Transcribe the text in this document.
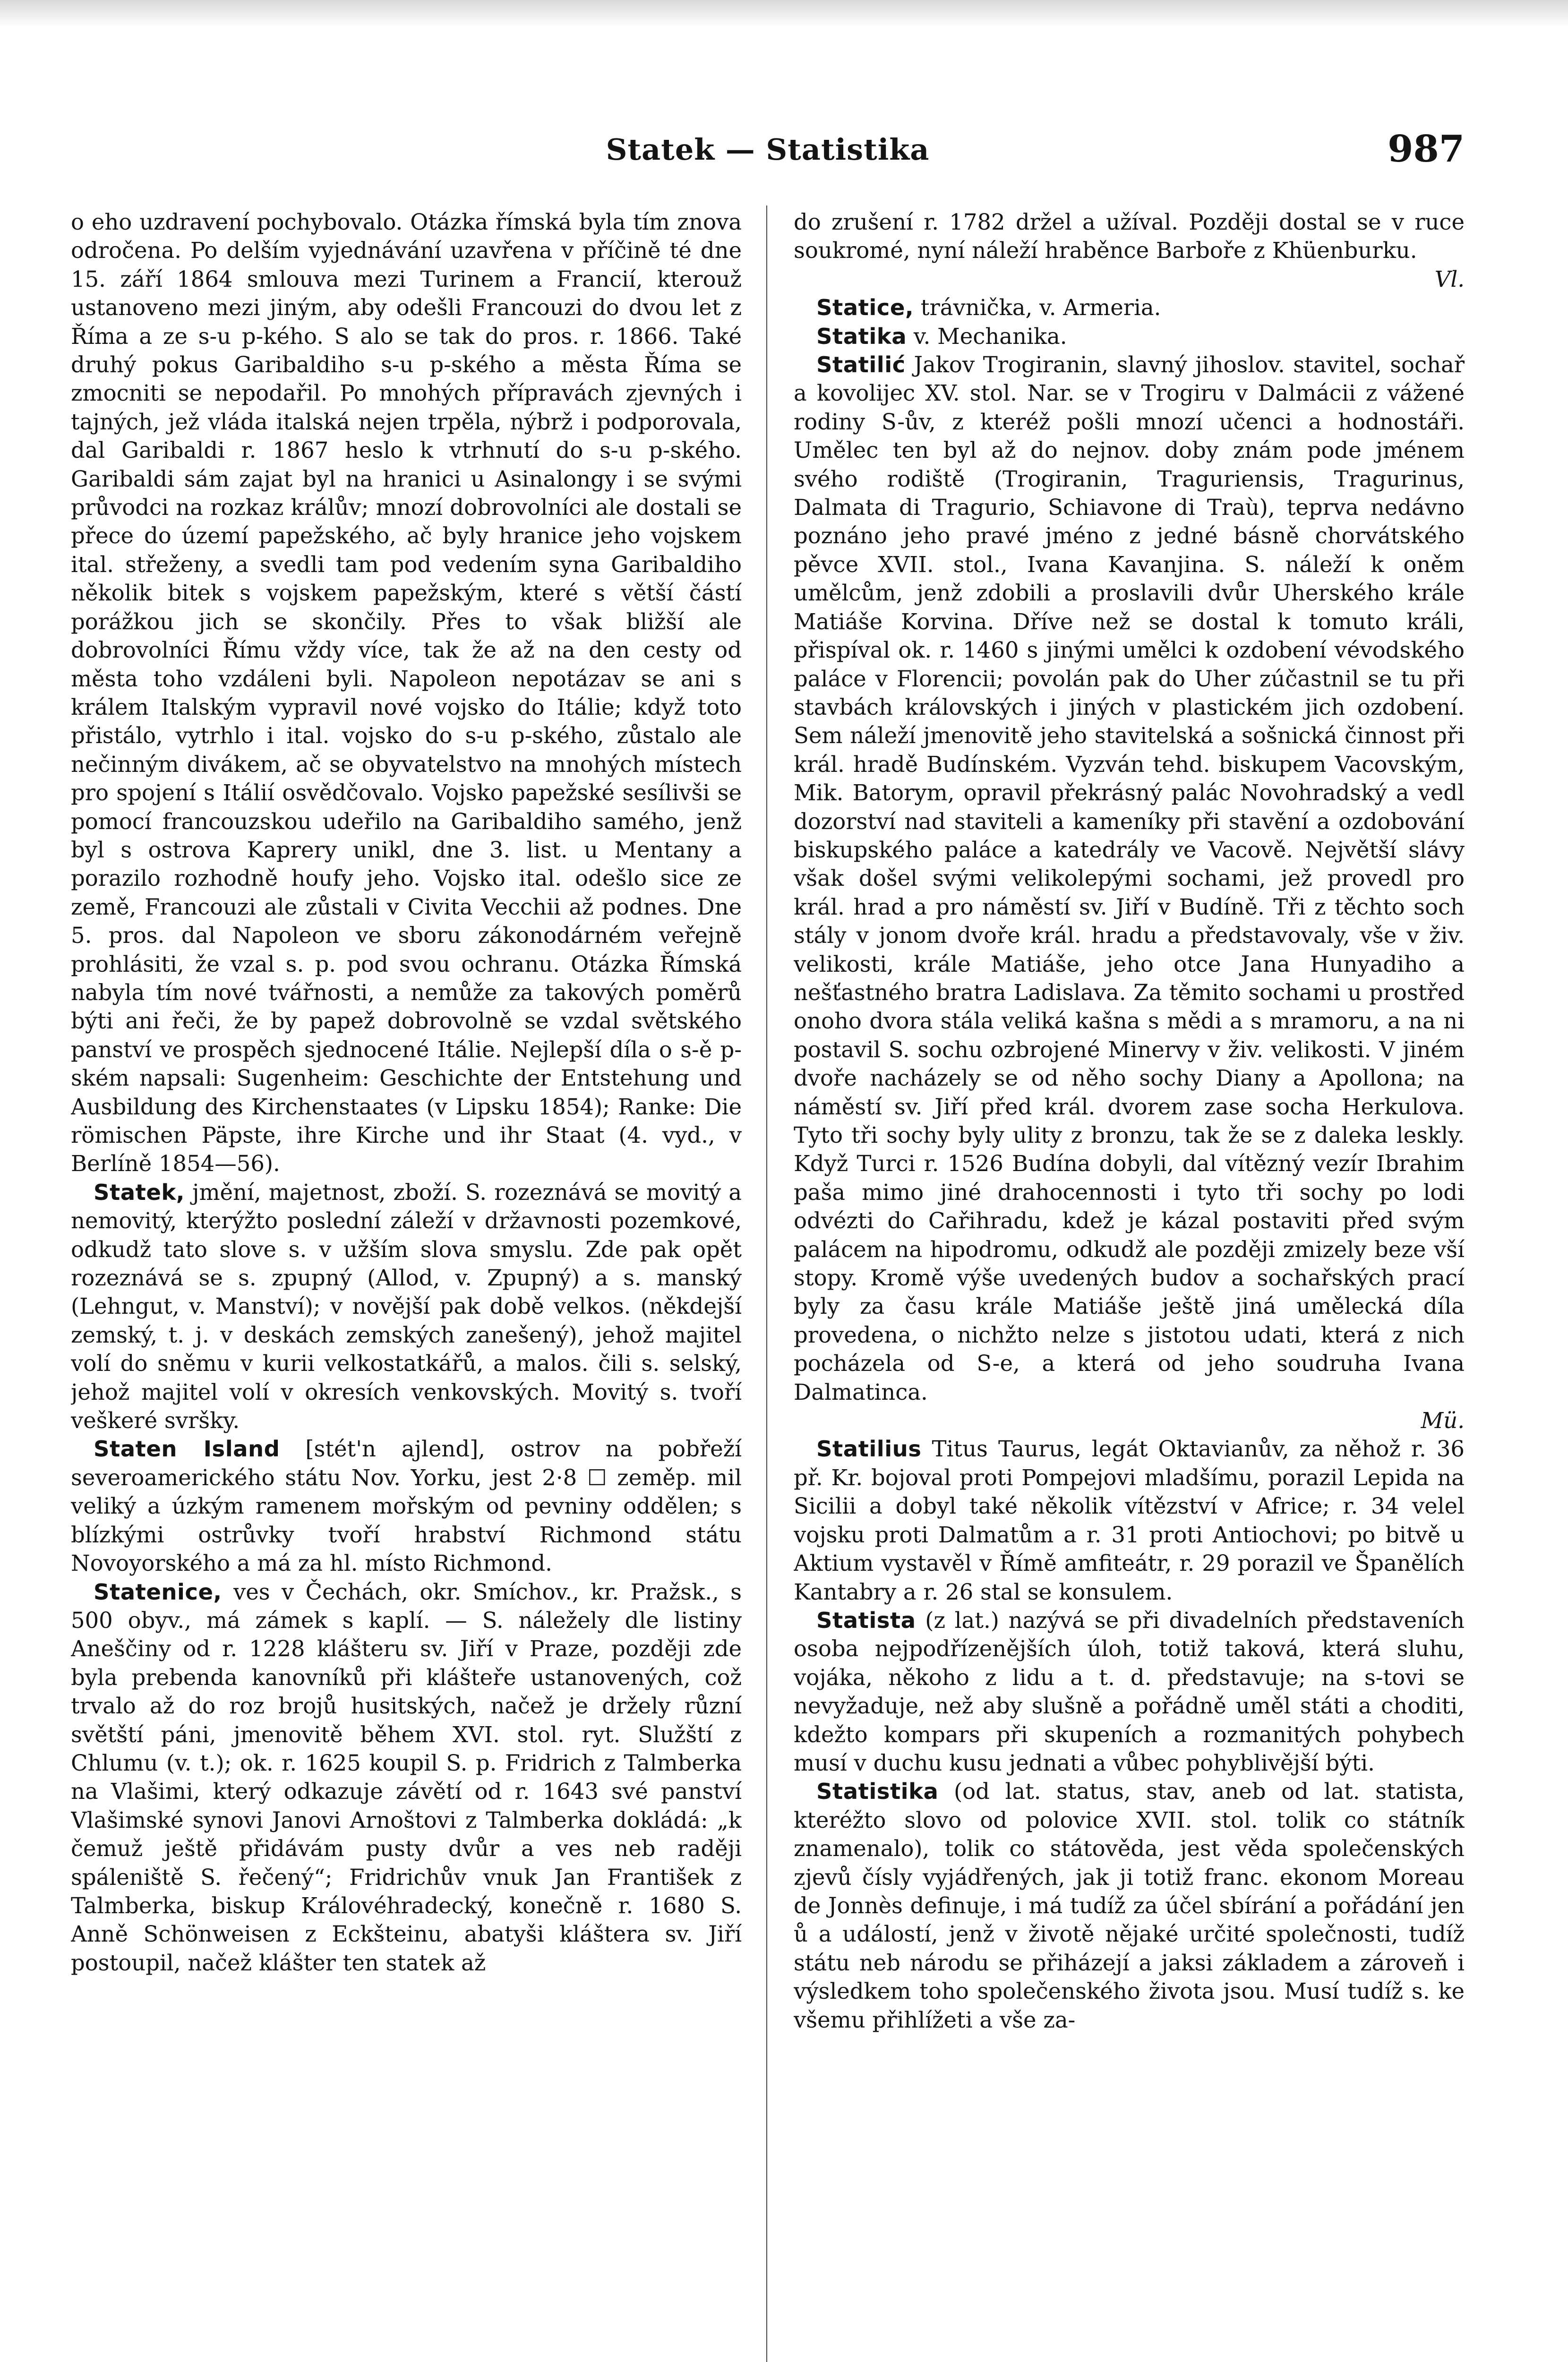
Statek — Statistika	987

o eho uzdravení pochybovalo. Otázka římská byla tím znova odročena. Po delším vyjednávání uzavřena v příčině té dne 15. září 1864 smlouva mezi Turinem a Francií, kterouž ustanoveno mezi jiným, aby odešli Francouzi do dvou let z Říma a ze s-u p-kého. S alo se tak do pros. r. 1866. Také druhý pokus Garibaldiho s-u p-ského a města Říma se zmocniti se nepodařil. Po mnohých přípravách zjevných i tajných, jež vláda italská nejen trpěla, nýbrž i podporovala, dal Garibaldi r. 1867 heslo k vtrhnutí do s-u p-ského. Garibaldi sám zajat byl na hranici u Asinalongy i se svými průvodci na rozkaz králův; mnozí dobrovolníci ale dostali se přece do území papežského, ač byly hranice jeho vojskem ital. střeženy, a svedli tam pod vedením syna Garibaldiho několik bitek s vojskem papežským, které s větší částí porážkou jich se skončily. Přes to však bližší ale dobrovolníci Římu vždy více, tak že až na den cesty od města toho vzdáleni byli. Napoleon nepotázav se ani s králem Italským vypravil nové vojsko do Itálie; když toto přistálo, vytrhlo i ital. vojsko do s-u p-ského, zůstalo ale nečinným divákem, ač se obyvatelstvo na mnohých místech pro spojení s Itálií osvědčovalo. Vojsko papežské sesílivši se pomocí francouzskou udeřilo na Garibaldiho samého, jenž byl s ostrova Kaprery unikl, dne 3. list. u Mentany a porazilo rozhodně houfy jeho. Vojsko ital. odešlo sice ze země, Francouzi ale zůstali v Civita Vecchii až podnes. Dne 5. pros. dal Napoleon ve sboru zákonodárném veřejně prohlásiti, že vzal s. p. pod svou ochranu. Otázka Římská nabyla tím nové tvářnosti, a nemůže za takových poměrů býti ani řeči, že by papež dobrovolně se vzdal světského panství ve prospěch sjednocené Itálie. Nejlepší díla o s-ě p-ském napsali: Sugenheim: Geschichte der Entstehung und Ausbildung des Kirchenstaates (v Lipsku 1854); Ranke: Die römischen Päpste, ihre Kirche und ihr Staat (4. vyd., v Berlíně 1854—56).

Statek, jmění, majetnost, zboží. S. rozeznává se movitý a nemovitý, kterýžto poslední záleží v državnosti pozemkové, odkudž tato slove s. v užším slova smyslu. Zde pak opět rozeznává se s. zpupný (Allod, v. Zpupný) a s. manský (Lehngut, v. Manství); v novější pak době velkos. (někdejší zemský, t. j. v deskách zemských zanešený), jehož majitel volí do sněmu v kurii velkostatkářů, a malos. čili s. selský, jehož majitel volí v okresích venkovských. Movitý s. tvoří veškeré svršky.

Staten Island [stét'n ajlend], ostrov na pobřeží severoamerického státu Nov. Yorku, jest 2·8 ☐ zeměp. mil veliký a úzkým ramenem mořským od pevniny oddělen; s blízkými ostrůvky tvoří hrabství Richmond státu Novoyorského a má za hl. místo Richmond.

Statenice, ves v Čechách, okr. Smíchov., kr. Pražsk., s 500 obyv., má zámek s kaplí. — S. náležely dle listiny Aneščiny od r. 1228 klášteru sv. Jiří v Praze, později zde byla prebenda kanovníků při klášteře ustanovených, což trvalo až do roz brojů husitských, načež je držely různí světští páni, jmenovitě během XVI. stol. ryt. Služští z Chlumu (v. t.); ok. r. 1625 koupil S. p. Fridrich z Talmberka na Vlašimi, který odkazuje závětí od r. 1643 své panství Vlašimské synovi Janovi Arnoštovi z Talmberka dokládá: „k čemuž ještě přidávám pusty dvůr a ves neb raději spáleniště S. řečený“; Fridrichův vnuk Jan František z Talmberka, biskup Královéhradecký, konečně r. 1680 S. Anně Schönweisen z Eckšteinu, abatyši kláštera sv. Jiří postoupil, načež klášter ten statek až

do zrušení r. 1782 držel a užíval. Později dostal se v ruce soukromé, nyní náleží hraběnce Barboře z Khüenburku.

Vl.

Statice, trávnička, v. Armeria.

Statika v. Mechanika.

Statilić Jakov Trogiranin, slavný jihoslov. stavitel, sochař a kovolijec XV. stol. Nar. se v Trogiru v Dalmácii z vážené rodiny S-ův, z kteréž pošli mnozí učenci a hodnostáři. Umělec ten byl až do nejnov. doby znám pode jménem svého rodiště (Trogiranin, Traguriensis, Tragurinus, Dalmata di Tragurio, Schiavone di Traù), teprva nedávno poznáno jeho pravé jméno z jedné básně chorvátského pěvce XVII. stol., Ivana Kavanjina. S. náleží k oněm umělcům, jenž zdobili a proslavili dvůr Uherského krále Matiáše Korvina. Dříve než se dostal k tomuto králi, přispíval ok. r. 1460 s jinými umělci k ozdobení vévodského paláce v Florencii; povolán pak do Uher zúčastnil se tu při stavbách královských i jiných v plastickém jich ozdobení. Sem náleží jmenovitě jeho stavitelská a sošnická činnost při král. hradě Budínském. Vyzván tehd. biskupem Vacovským, Mik. Batorym, opravil překrásný palác Novohradský a vedl dozorství nad staviteli a kameníky při stavění a ozdobování biskupského paláce a katedrály ve Vacově. Největší slávy však došel svými velikolepými sochami, jež provedl pro král. hrad a pro náměstí sv. Jiří v Budíně. Tři z těchto soch stály v jonom dvoře král. hradu a představovaly, vše v živ. velikosti, krále Matiáše, jeho otce Jana Hunyadiho a nešťastného bratra Ladislava. Za těmito sochami u prostřed onoho dvora stála veliká kašna s mědi a s mramoru, a na ni postavil S. sochu ozbrojené Minervy v živ. velikosti. V jiném dvoře nacházely se od něho sochy Diany a Apollona; na náměstí sv. Jiří před král. dvorem zase socha Herkulova. Tyto tři sochy byly ulity z bronzu, tak že se z daleka leskly. Když Turci r. 1526 Budína dobyli, dal vítězný vezír Ibrahim paša mimo jiné drahocennosti i tyto tři sochy po lodi odvézti do Cařihradu, kdež je kázal postaviti před svým palácem na hipodromu, odkudž ale později zmizely beze vší stopy. Kromě výše uvedených budov a sochařských prací byly za času krále Matiáše ještě jiná umělecká díla provedena, o nichžto nelze s jistotou udati, která z nich pocházela od S-e, a která od jeho soudruha Ivana Dalmatinca.

Mü.

Statilius Titus Taurus, legát Oktavianův, za něhož r. 36 př. Kr. bojoval proti Pompejovi mladšímu, porazil Lepida na Sicilii a dobyl také několik vítězství v Africe; r. 34 velel vojsku proti Dalmatům a r. 31 proti Antiochovi; po bitvě u Aktium vystavěl v Římě amfiteátr, r. 29 porazil ve Španělích Kantabry a r. 26 stal se konsulem.

Statista (z lat.) nazývá se při divadelních představeních osoba nejpodřízenějších úloh, totiž taková, která sluhu, vojáka, někoho z lidu a t. d. představuje; na s-tovi se nevyžaduje, než aby slušně a pořádně uměl státi a choditi, kdežto kompars při skupeních a rozmanitých pohybech musí v duchu kusu jednati a vůbec pohyblivější býti.

Statistika (od lat. status, stav, aneb od lat. statista, kteréžto slovo od polovice XVII. stol. tolik co státník znamenalo), tolik co státověda, jest věda společenských zjevů čísly vyjádřených, jak ji totiž franc. ekonom Moreau de Jonnès definuje, i má tudíž za účel sbírání a pořádání jen ů a událostí, jenž v životě nějaké určité společnosti, tudíž státu neb národu se přiházejí a jaksi základem a zároveň i výsledkem toho společenského života jsou. Musí tudíž s. ke všemu přihlížeti a vše za-
